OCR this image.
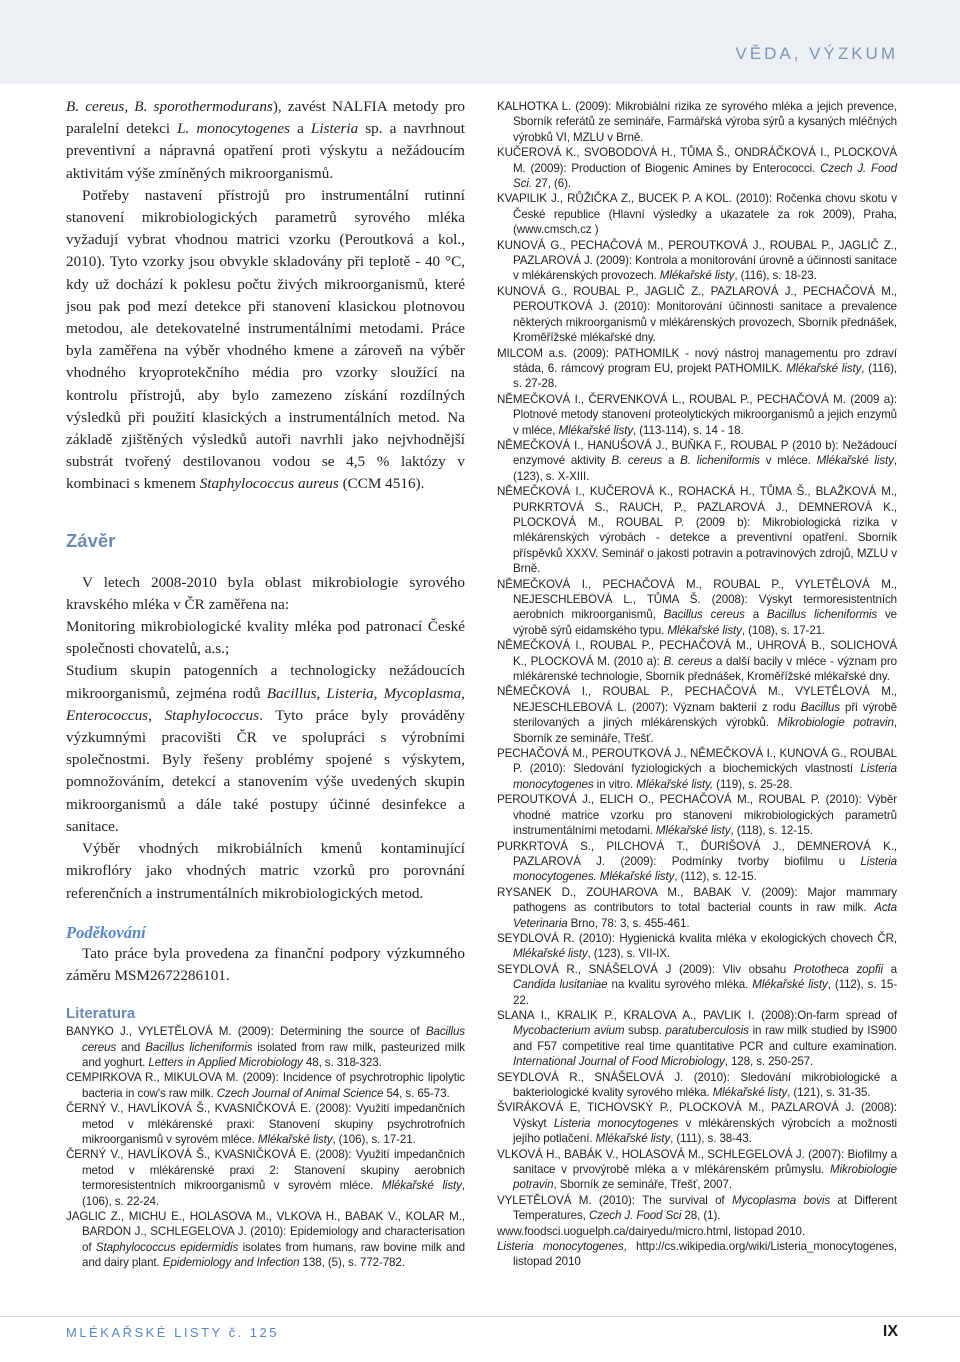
VĚDA, VÝZKUM

B. cereus, B. sporothermodurans), zavést NALFIA metody pro paralelní detekci L. monocytogenes a Listeria sp. a navrhnout preventivní a nápravná opatření proti výskytu a nežádoucím aktivitám výše zmíněných mikroorganismů.

Potřeby nastavení přístrojů pro instrumentální rutinní stanovení mikrobiologických parametrů syrového mléka vyžadují vybrat vhodnou matrici vzorku (Peroutková a kol., 2010). Tyto vzorky jsou obvykle skladovány při teplotě - 40 °C, kdy už dochází k poklesu počtu živých mikroorganismů, které jsou pak pod mezí detekce při stanovení klasickou plotnovou metodou, ale detekovatelné instrumentálními metodami. Práce byla zaměřena na výběr vhodného kmene a zároveň na výběr vhodného kryoprotekčního média pro vzorky sloužící na kontrolu přístrojů, aby bylo zamezeno získání rozdílných výsledků při použití klasických a instrumentálních metod. Na základě zjištěných výsledků autoři navrhli jako nejvhodnější substrát tvořený destilovanou vodou se 4,5 % laktózy v kombinaci s kmenem Staphylococcus aureus (CCM 4516).

Závěr

V letech 2008-2010 byla oblast mikrobiologie syrového kravského mléka v ČR zaměřena na:

Monitoring mikrobiologické kvality mléka pod patronací České společnosti chovatelů, a.s.;

Studium skupin patogenních a technologicky nežádoucích mikroorganismů, zejména rodů Bacillus, Listeria, Mycoplasma, Enterococcus, Staphylococcus. Tyto práce byly prováděny výzkumnými pracovišti ČR ve spolupráci s výrobními společnostmi. Byly řešeny problémy spojené s výskytem, pomnožováním, detekcí a stanovením výše uvedených skupin mikroorganismů a dále také postupy účinné desinfekce a sanitace.

Výběr vhodných mikrobiálních kmenů kontaminující mikroflóry jako vhodných matric vzorků pro porovnání referenčních a instrumentálních mikrobiologických metod.

Poděkování

Tato práce byla provedena za finanční podpory výzkumného záměru MSM2672286101.

Literatura

BANYKO J., VYLETĚLOVÁ M. (2009): Determining the source of Bacillus cereus and Bacillus licheniformis isolated from raw milk, pasteurized milk and yoghurt. Letters in Applied Microbiology 48, s. 318-323.

CEMPIRKOVA R., MIKULOVA M. (2009): Incidence of psychrotrophic lipolytic bacteria in cow's raw milk. Czech Journal of Animal Science 54, s. 65-73.

ČERNÝ V., HAVLÍKOVÁ Š., KVASNIČKOVÁ E. (2008): Využití impedančních metod v mlékárenské praxi: Stanovení skupiny psychrotrofních mikroorganismů v syrovém mléce. Mlékařské listy, (106), s. 17-21.

ČERNÝ V., HAVLÍKOVÁ Š., KVASNIČKOVÁ E. (2008): Využití impedančních metod v mlékárenské praxi 2: Stanovení skupiny aerobních termoresistentních mikroorganismů v syrovém mléce. Mlékařské listy, (106), s. 22-24.

JAGLIC Z., MICHU E., HOLASOVA M., VLKOVA H., BABAK V., KOLAR M., BARDON J., SCHLEGELOVA J. (2010): Epidemiology and characterisation of Staphylococcus epidermidis isolates from humans, raw bovine milk and and dairy plant. Epidemiology and Infection 138, (5), s. 772-782.

KALHOTKA L. (2009): Mikrobiální rizika ze syrového mléka a jejich prevence, Sborník referátů ze semináře, Farmářská výroba sýrů a kysaných mléčných výrobků VI, MZLU v Brně.

KUČEROVÁ K., SVOBODOVÁ H., TŮMA Š., ONDRÁČKOVÁ I., PLOCKOVÁ M. (2009): Production of Biogenic Amines by Enterococci. Czech J. Food Sci. 27, (6).

KVAPILIK J., RŮŽIČKA Z., BUCEK P. A KOL. (2010): Ročenka chovu skotu v České republice (Hlavní výsledky a ukazatele za rok 2009), Praha, (www.cmsch.cz )

KUNOVÁ G., PECHAČOVÁ M., PEROUTKOVÁ J., ROUBAL P., JAGLIČ Z., PAZLAROVÁ J. (2009): Kontrola a monitorování úrovně a účinnosti sanitace v mlékárenských provozech. Mlékařské listy, (116), s. 18-23.

KUNOVÁ G., ROUBAL P., JAGLIČ Z., PAZLAROVÁ J., PECHAČOVÁ M., PEROUTKOVÁ J. (2010): Monitorování účinnosti sanitace a prevalence některých mikroorganismů v mlékárenských provozech, Sborník přednášek, Kroměřížské mlékařské dny.

MILCOM a.s. (2009): PATHOMILK - nový nástroj managementu pro zdraví stáda, 6. rámcový program EU, projekt PATHOMILK. Mlékařské listy, (116), s. 27-28.

NĚMEČKOVÁ I., ČERVENKOVÁ L., ROUBAL P., PECHAČOVÁ M. (2009 a): Plotnové metody stanovení proteolytických mikroorganismů a jejich enzymů v mléce, Mlékařské listy, (113-114), s. 14 - 18.

NĚMEČKOVÁ I., HANUŠOVÁ J., BUŇKA F., ROUBAL P (2010 b): Nežádoucí enzymové aktivity B. cereus a B. licheniformis v mléce. Mlékařské listy, (123), s. X-XIII.

NĚMEČKOVÁ I., KUČEROVÁ K., ROHACKÁ H., TŮMA Š., BLAŽKOVÁ M., PURKRTOVÁ S., RAUCH, P., PAZLAROVÁ J., DEMNEROVÁ K., PLOCKOVÁ M., ROUBAL P. (2009 b): Mikrobiologická rizika v mlékárenských výrobách - detekce a preventivní opatření. Sborník příspěvků XXXV. Seminář o jakosti potravin a potravinových zdrojů, MZLU v Brně.

NĚMEČKOVÁ I., PECHAČOVÁ M., ROUBAL P., VYLETĚLOVÁ M., NEJESCHLEBOVÁ L., TŮMA Š. (2008): Výskyt termoresistentních aerobních mikroorganismů, Bacillus cereus a Bacillus licheniformis ve výrobě sýrů eidamského typu. Mlékařské listy, (108), s. 17-21.

NĚMEČKOVÁ I., ROUBAL P., PECHAČOVÁ M., UHROVÁ B., SOLICHOVÁ K., PLOCKOVÁ M. (2010 a): B. cereus a další bacily v mléce - význam pro mlékárenské technologie, Sborník přednášek, Kroměřížské mlékařské dny.

NĚMEČKOVÁ I., ROUBAL P., PECHAČOVÁ M., VYLETĚLOVÁ M., NEJESCHLEBOVÁ L. (2007): Význam bakterií z rodu Bacillus při výrobě sterilovaných a jiných mlékárenských výrobků. Mikrobiologie potravin, Sborník ze semináře, Třešť.

PECHAČOVÁ M., PEROUTKOVÁ J., NĚMEČKOVÁ I., KUNOVÁ G., ROUBAL P. (2010): Sledování fyziologických a biochemických vlastností Listeria monocytogenes in vitro. Mlékařské listy, (119), s. 25-28.

PEROUTKOVÁ J., ELICH O., PECHAČOVÁ M., ROUBAL P. (2010): Výběr vhodné matrice vzorku pro stanovení mikrobiologických parametrů instrumentálními metodami. Mlékařské listy, (118), s. 12-15.

PURKRTOVÁ S., PILCHOVÁ T., ĎURIŠOVÁ J., DEMNEROVÁ K., PAZLAROVÁ J. (2009): Podmínky tvorby biofilmu u Listeria monocytogenes. Mlékařské listy, (112), s. 12-15.

RYSANEK D., ZOUHAROVA M., BABAK V. (2009): Major mammary pathogens as contributors to total bacterial counts in raw milk. Acta Veterinaria Brno, 78: 3, s. 455-461.

SEYDLOVÁ R. (2010): Hygienická kvalita mléka v ekologických chovech ČR, Mlékařské listy, (123), s. VII-IX.

SEYDLOVÁ R., SNÁŠELOVÁ J (2009): Vliv obsahu Prototheca zopfii a Candida lusitaniae na kvalitu syrového mléka. Mlékařské listy, (112), s. 15-22.

SLANA I., KRALIK P., KRALOVA A., PAVLIK I. (2008):On-farm spread of Mycobacterium avium subsp. paratuberculosis in raw milk studied by IS900 and F57 competitive real time quantitative PCR and culture examination. International Journal of Food Microbiology, 128, s. 250-257.

SEYDLOVÁ R., SNÁŠELOVÁ J. (2010): Sledování mikrobiologické a bakteriologické kvality syrového mléka. Mlékařské listy, (121), s. 31-35.

ŠVIRÁKOVÁ E, TICHOVSKÝ P., PLOCKOVÁ M., PAZLAROVÁ J. (2008): Výskyt Listeria monocytogenes v mlékárenských výrobcích a možnosti jejího potlačení. Mlékařské listy, (111), s. 38-43.

VLKOVÁ H., BABÁK V., HOLASOVÁ M., SCHLEGELOVÁ J. (2007): Biofilmy a sanitace v prvovýrobě mléka a v mlékárenském průmyslu. Mikrobiologie potravin, Sborník ze semináře, Třešť, 2007.

VYLETĚLOVÁ M. (2010): The survival of Mycoplasma bovis at Different Temperatures, Czech J. Food Sci 28, (1).

www.foodsci.uoguelph.ca/dairyedu/micro.html, listopad 2010.

Listeria monocytogenes, http://cs.wikipedia.org/wiki/Listeria_monocytogenes, listopad 2010

MLÉKAŘSKÉ LISTY č. 125	IX
